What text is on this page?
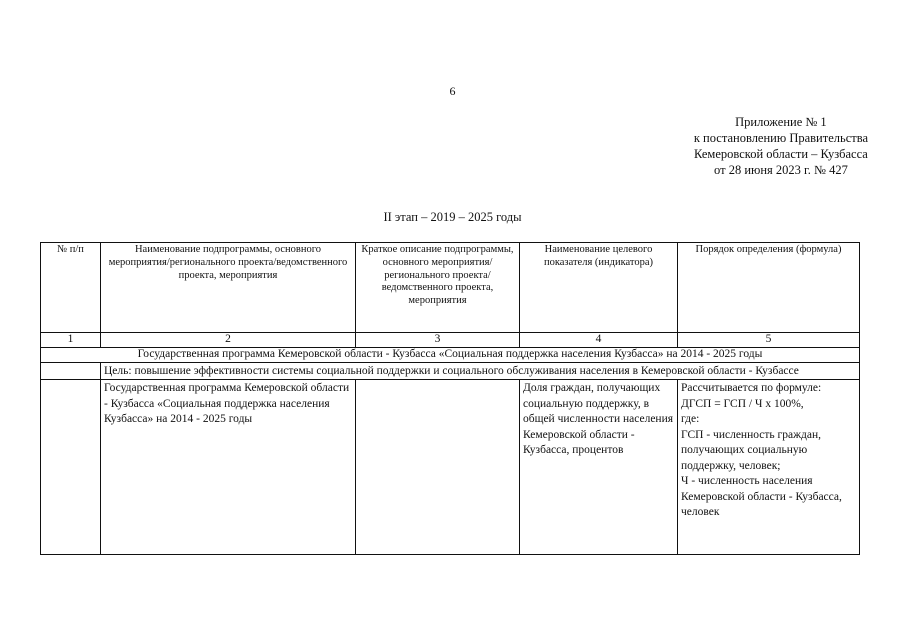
6
Приложение № 1
к постановлению Правительства
Кемеровской области – Кузбасса
от 28 июня 2023 г. № 427
II этап – 2019 – 2025 годы
№ п/п	Наименование подпрограммы, основного мероприятия/регионального проекта/ведомственного проекта, мероприятия	Краткое описание подпрограммы, основного мероприятия/ регионального проекта/ ведомственного проекта, мероприятия	Наименование целевого показателя (индикатора)	Порядок определения (формула)
1	2	3	4	5
Государственная программа Кемеровской области - Кузбасса «Социальная поддержка населения Кузбасса» на 2014 - 2025 годы				
	Цель: повышение эффективности системы социальной поддержки и социального обслуживания населения в Кемеровской области - Кузбассе			
	Государственная программа Кемеровской области - Кузбасса «Социальная поддержка населения Кузбасса» на 2014 - 2025 годы		Доля граждан, получающих социальную поддержку, в общей численности населения Кемеровской области - Кузбасса, процентов	Рассчитывается по формуле:
ДГСП = ГСП / Ч x 100%,
где:
ГСП - численность граждан, получающих социальную поддержку, человек;
Ч - численность населения Кемеровской области - Кузбасса, человек
